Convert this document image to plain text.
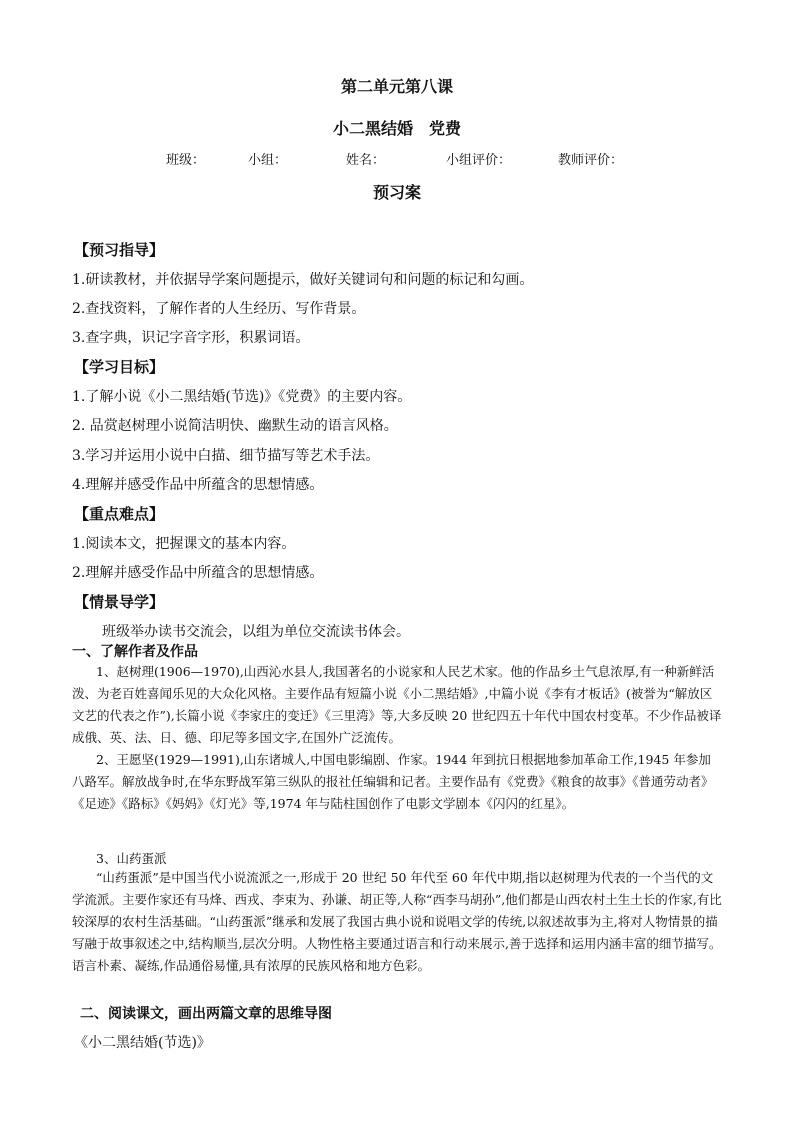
第二单元第八课
小二黑结婚　党费
班级：	小组：	姓名：	小组评价：	教师评价：
预习案
【预习指导】
1.研读教材，并依据导学案问题提示，做好关键词句和问题的标记和勾画。
2.查找资料，了解作者的人生经历、写作背景。
3.查字典，识记字音字形，积累词语。
【学习目标】
1.了解小说《小二黑结婚(节选)》《党费》的主要内容。
2. 品赏赵树理小说简洁明快、幽默生动的语言风格。
3.学习并运用小说中白描、细节描写等艺术手法。
4.理解并感受作品中所蕴含的思想情感。
【重点难点】
1.阅读本文，把握课文的基本内容。
2.理解并感受作品中所蕴含的思想情感。
【情景导学】
班级举办读书交流会，以组为单位交流读书体会。
一、了解作者及作品

1、赵树理(1906—1970),山西沁水县人,我国著名的小说家和人民艺术家。他的作品乡土气息浓厚,有一种新鲜活泼、为老百姓喜闻乐见的大众化风格。主要作品有短篇小说《小二黑结婚》,中篇小说《李有才板话》(被誉为“解放区文艺的代表之作”),长篇小说《李家庄的变迁》《三里湾》等,大多反映 20 世纪四五十年代中国农村变革。不少作品被译成俄、英、法、日、德、印尼等多国文字,在国外广泛流传。

2、王愿坚(1929—1991),山东诸城人,中国电影编剧、作家。1944 年到抗日根据地参加革命工作,1945 年参加八路军。解放战争时,在华东野战军第三纵队的报社任编辑和记者。主要作品有《党费》《粮食的故事》《普通劳动者》《足迹》《路标》《妈妈》《灯光》等,1974 年与陆柱国创作了电影文学剧本《闪闪的红星》。

3、山药蛋派

“山药蛋派”是中国当代小说流派之一,形成于 20 世纪 50 年代至 60 年代中期,指以赵树理为代表的一个当代的文学流派。主要作家还有马烽、西戎、李束为、孙谦、胡正等,人称“西李马胡孙”,他们都是山西农村土生土长的作家,有比较深厚的农村生活基础。“山药蛋派”继承和发展了我国古典小说和说唱文学的传统,以叙述故事为主,将对人物情景的描写融于故事叙述之中,结构顺当,层次分明。人物性格主要通过语言和行动来展示,善于选择和运用内涵丰富的细节描写。语言朴素、凝练,作品通俗易懂,具有浓厚的民族风格和地方色彩。

二、阅读课文，画出两篇文章的思维导图
《小二黑结婚(节选)》
